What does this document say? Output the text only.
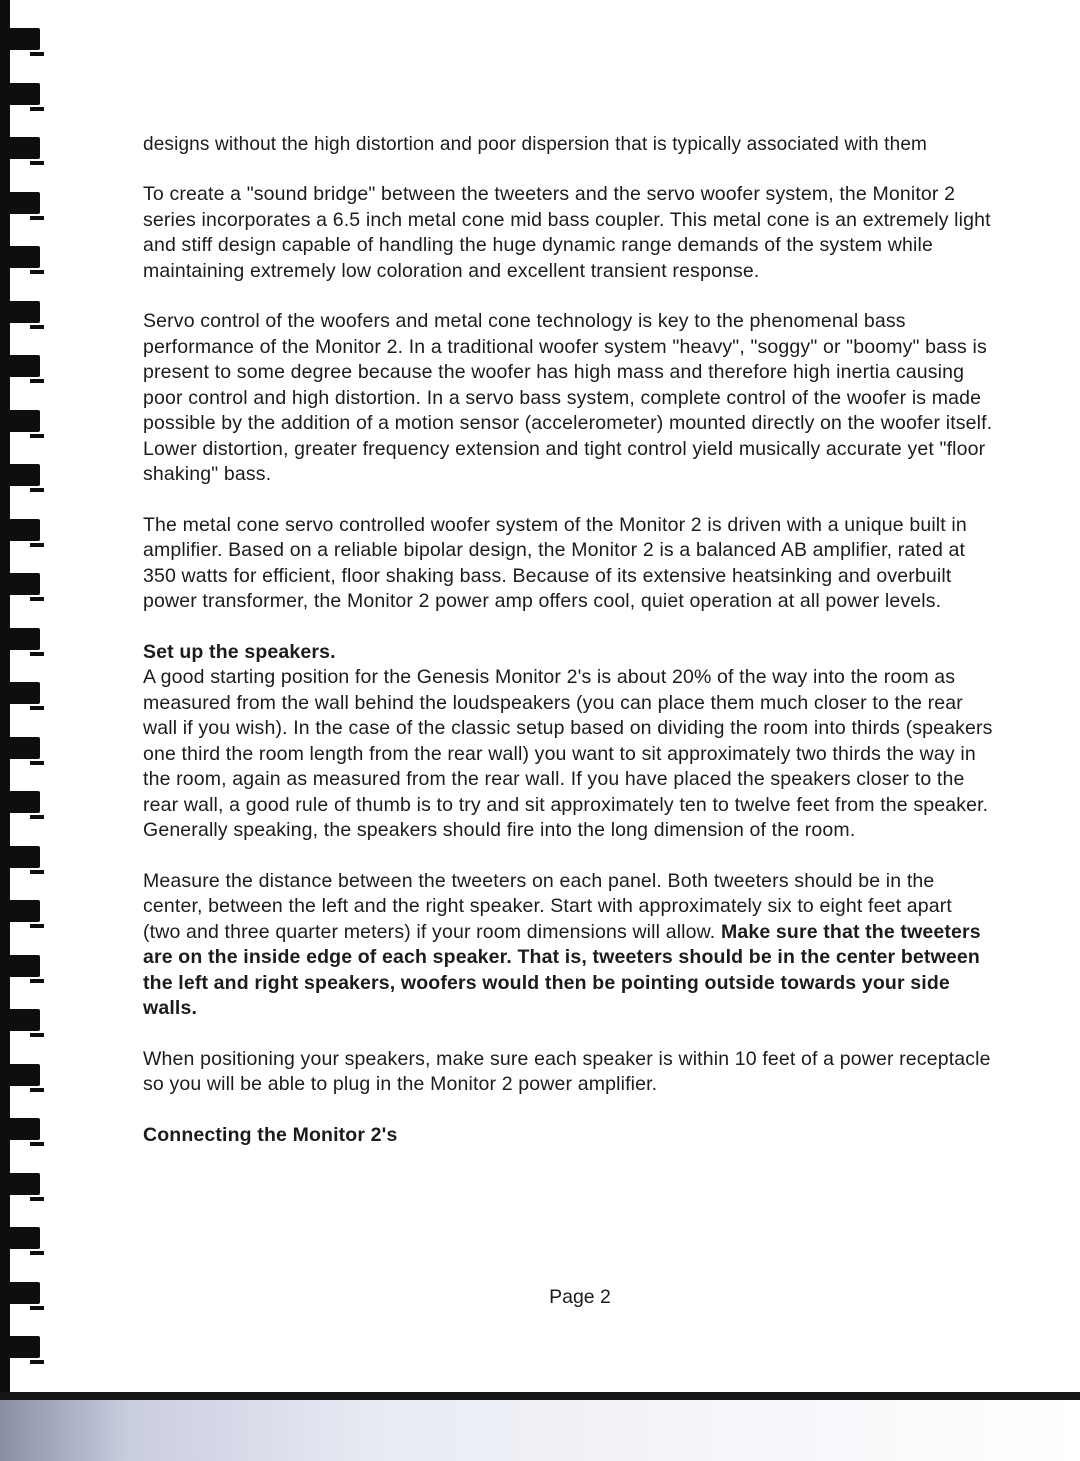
designs without the high distortion and poor dispersion that is typically associated with them

To create a "sound bridge" between the tweeters and the servo woofer system, the Monitor 2 series incorporates a 6.5 inch metal cone mid bass coupler. This metal cone is an extremely light and stiff design capable of handling the huge dynamic range demands of the system while maintaining extremely low coloration and excellent transient response.

Servo control of the woofers and metal cone technology is key to the phenomenal bass performance of the Monitor 2. In a traditional woofer system "heavy", "soggy" or "boomy" bass is present to some degree because the woofer has high mass and therefore high inertia causing poor control and high distortion. In a servo bass system, complete control of the woofer is made possible by the addition of a motion sensor (accelerometer) mounted directly on the woofer itself. Lower distortion, greater frequency extension and tight control yield musically accurate yet "floor shaking" bass.

The metal cone servo controlled woofer system of the Monitor 2 is driven with a unique built in amplifier. Based on a reliable bipolar design, the Monitor 2 is a balanced AB amplifier, rated at 350 watts for efficient, floor shaking bass. Because of its extensive heatsinking and overbuilt power transformer, the Monitor 2 power amp offers cool, quiet operation at all power levels.

Set up the speakers.

A good starting position for the Genesis Monitor 2's is about 20% of the way into the room as measured from the wall behind the loudspeakers (you can place them much closer to the rear wall if you wish). In the case of the classic setup based on dividing the room into thirds (speakers one third the room length from the rear wall) you want to sit approximately two thirds the way in the room, again as measured from the rear wall. If you have placed the speakers closer to the rear wall, a good rule of thumb is to try and sit approximately ten to twelve feet from the speaker. Generally speaking, the speakers should fire into the long dimension of the room.

Measure the distance between the tweeters on each panel. Both tweeters should be in the center, between the left and the right speaker. Start with approximately six to eight feet apart (two and three quarter meters) if your room dimensions will allow. Make sure that the tweeters are on the inside edge of each speaker. That is, tweeters should be in the center between the left and right speakers, woofers would then be pointing outside towards your side walls.

When positioning your speakers, make sure each speaker is within 10 feet of a power receptacle so you will be able to plug in the Monitor 2 power amplifier.

Connecting the Monitor 2's

Page 2
